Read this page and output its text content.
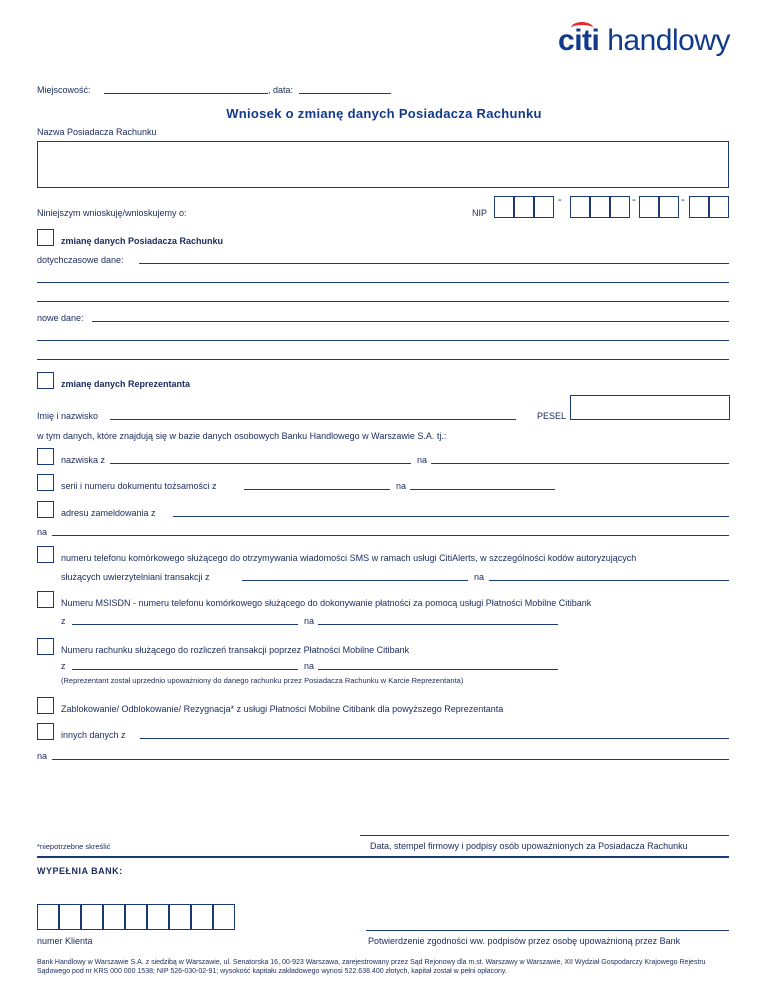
citi handlowy
Miejscowość:	, data:
Wniosek o zmianę danych Posiadacza Rachunku
Nazwa Posiadacza Rachunku
Niniejszym wnioskuję/wnioskujemy o:	NIP
-	-	-
zmianę danych Posiadacza Rachunku
dotychczasowe dane:
nowe dane:
zmianę danych Reprezentanta
Imię i nazwisko	PESEL
w tym danych, które znajdują się w bazie danych osobowych Banku Handlowego w Warszawie S.A. tj.:
nazwiska z	na
serii i numeru dokumentu tożsamości z	na
adresu zameldowania z
na
numeru telefonu komórkowego służącego do otrzymywania wiadomości SMS w ramach usługi CitiAlerts, w szczególności kodów autoryzujących
służących uwierzytelniani transakcji z	na
Numeru MSISDN - numeru telefonu komórkowego służącego do dokonywanie płatności za pomocą usługi Płatności Mobilne Citibank
z	na
Numeru rachunku służącego do rozliczeń transakcji poprzez Płatności Mobilne Citibank
z	na
(Reprezentant został uprzednio upoważniony do danego rachunku przez Posiadacza Rachunku w Karcie Reprezentanta)
Zablokowanie/ Odblokowanie/ Rezygnacja* z usługi Płatności Mobilne Citibank dla powyższego Reprezentanta
innych danych z
na
*niepotrzebne skreślić	Data, stempel firmowy i podpisy osób upoważnionych za Posiadacza Rachunku
WYPEŁNIA BANK:
numer Klienta	Potwierdzenie zgodności ww. podpisów przez osobę upoważnioną przez Bank
Bank Handlowy w Warszawie S.A. z siedzibą w Warszawie, ul. Senatorska 16, 00-923 Warszawa, zarejestrowany przez Sąd Rejonowy dla m.st. Warszawy w Warszawie, XII Wydział Gospodarczy Krajowego Rejestru Sądowego pod nr KRS 000 000 1538; NIP 526-030-02-91; wysokość kapitału zakładowego wynosi 522.638.400 złotych, kapitał został w pełni opłacony.
